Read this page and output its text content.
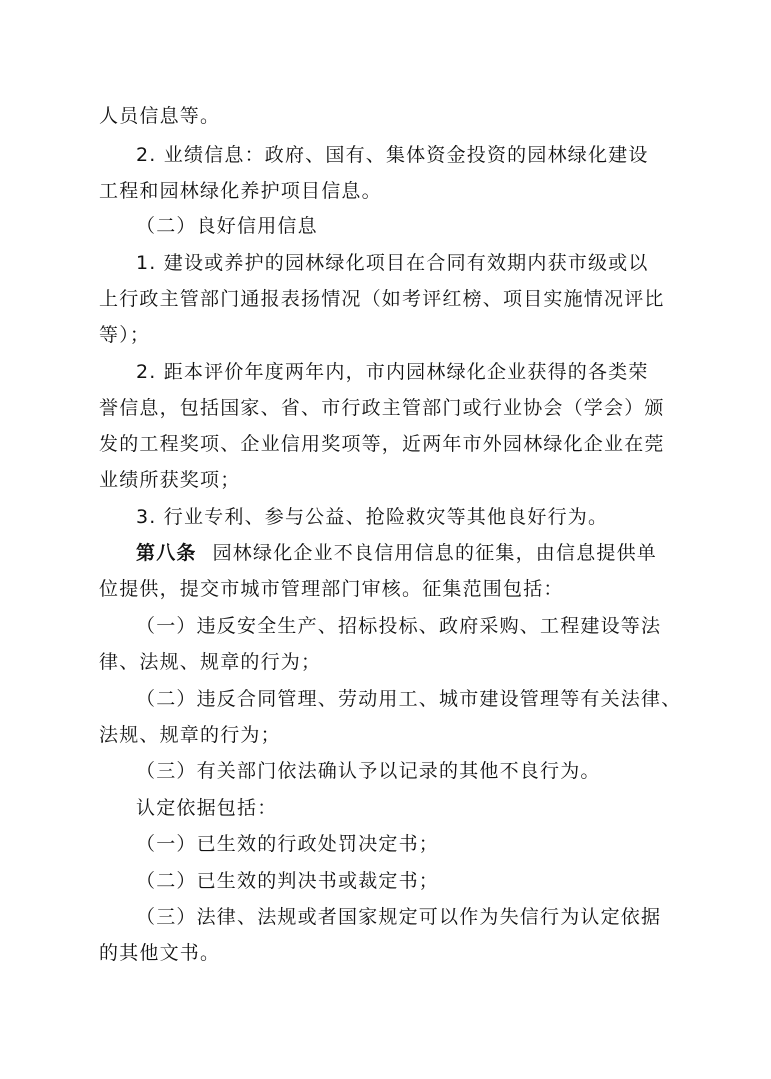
人员信息等。
2. 业绩信息：政府、国有、集体资金投资的园林绿化建设
工程和园林绿化养护项目信息。
（二）良好信用信息
1. 建设或养护的园林绿化项目在合同有效期内获市级或以
上行政主管部门通报表扬情况（如考评红榜、项目实施情况评比
等）；
2. 距本评价年度两年内，市内园林绿化企业获得的各类荣
誉信息，包括国家、省、市行政主管部门或行业协会（学会）颁
发的工程奖项、企业信用奖项等，近两年市外园林绿化企业在莞
业绩所获奖项；
3. 行业专利、参与公益、抢险救灾等其他良好行为。
第八条 园林绿化企业不良信用信息的征集，由信息提供单
位提供，提交市城市管理部门审核。征集范围包括：
（一）违反安全生产、招标投标、政府采购、工程建设等法
律、法规、规章的行为；
（二）违反合同管理、劳动用工、城市建设管理等有关法律、
法规、规章的行为；
（三）有关部门依法确认予以记录的其他不良行为。
认定依据包括：
（一）已生效的行政处罚决定书；
（二）已生效的判决书或裁定书；
（三）法律、法规或者国家规定可以作为失信行为认定依据
的其他文书。
